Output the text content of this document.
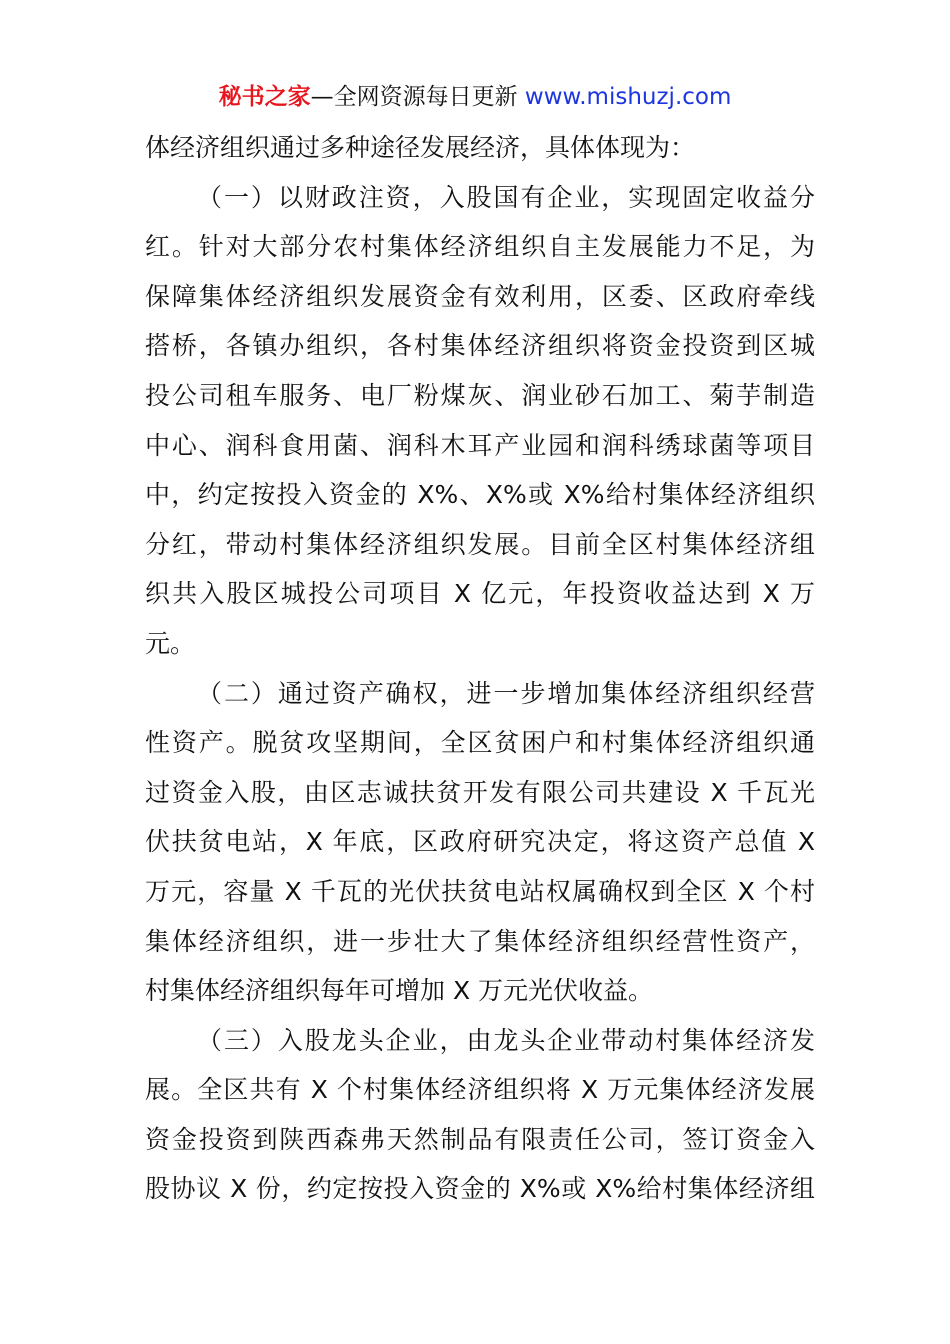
秘书之家—全网资源每日更新 www.mishuzj.com
体经济组织通过多种途径发展经济，具体体现为：
（一）以财政注资，入股国有企业，实现固定收益分
红。针对大部分农村集体经济组织自主发展能力不足，为
保障集体经济组织发展资金有效利用，区委、区政府牵线
搭桥，各镇办组织，各村集体经济组织将资金投资到区城
投公司租车服务、电厂粉煤灰、润业砂石加工、菊芋制造
中心、润科食用菌、润科木耳产业园和润科绣球菌等项目
中，约定按投入资金的 X%、X%或 X%给村集体经济组织
分红，带动村集体经济组织发展。目前全区村集体经济组
织共入股区城投公司项目 X 亿元，年投资收益达到 X 万
元。
（二）通过资产确权，进一步增加集体经济组织经营
性资产。脱贫攻坚期间，全区贫困户和村集体经济组织通
过资金入股，由区志诚扶贫开发有限公司共建设 X 千瓦光
伏扶贫电站，X 年底，区政府研究决定，将这资产总值 X
万元，容量 X 千瓦的光伏扶贫电站权属确权到全区 X 个村
集体经济组织，进一步壮大了集体经济组织经营性资产，
村集体经济组织每年可增加 X 万元光伏收益。
（三）入股龙头企业，由龙头企业带动村集体经济发
展。全区共有 X 个村集体经济组织将 X 万元集体经济发展
资金投资到陕西森弗天然制品有限责任公司，签订资金入
股协议 X 份，约定按投入资金的 X%或 X%给村集体经济组
